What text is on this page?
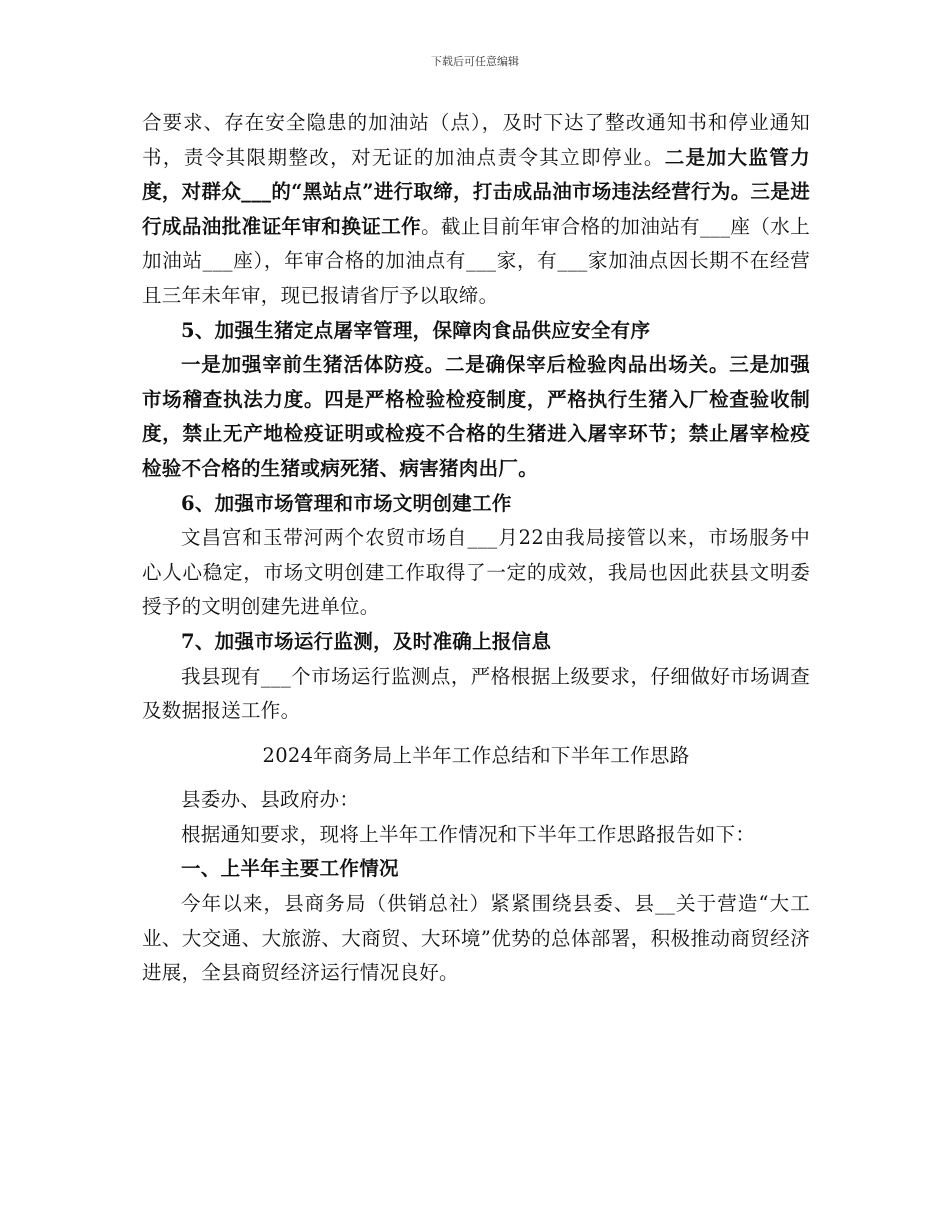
下载后可任意编辑

合要求、存在安全隐患的加油站（点），及时下达了整改通知书和停业通知书，责令其限期整改，对无证的加油点责令其立即停业。二是加大监管力度，对群众___的“黑站点”进行取缔，打击成品油市场违法经营行为。三是进行成品油批准证年审和换证工作。截止目前年审合格的加油站有___座（水上加油站___座），年审合格的加油点有___家，有___家加油点因长期不在经营且三年未年审，现已报请省厅予以取缔。

5、加强生猪定点屠宰管理，保障肉食品供应安全有序

一是加强宰前生猪活体防疫。二是确保宰后检验肉品出场关。三是加强市场稽查执法力度。四是严格检验检疫制度，严格执行生猪入厂检查验收制度，禁止无产地检疫证明或检疫不合格的生猪进入屠宰环节；禁止屠宰检疫检验不合格的生猪或病死猪、病害猪肉出厂。

6、加强市场管理和市场文明创建工作

文昌宫和玉带河两个农贸市场自___月22由我局接管以来，市场服务中心人心稳定，市场文明创建工作取得了一定的成效，我局也因此获县文明委授予的文明创建先进单位。

7、加强市场运行监测，及时准确上报信息

我县现有___个市场运行监测点，严格根据上级要求，仔细做好市场调查及数据报送工作。

2024年商务局上半年工作总结和下半年工作思路

县委办、县政府办：

根据通知要求，现将上半年工作情况和下半年工作思路报告如下：

一、上半年主要工作情况

今年以来，县商务局（供销总社）紧紧围绕县委、县__关于营造“大工业、大交通、大旅游、大商贸、大环境”优势的总体部署，积极推动商贸经济进展，全县商贸经济运行情况良好。
